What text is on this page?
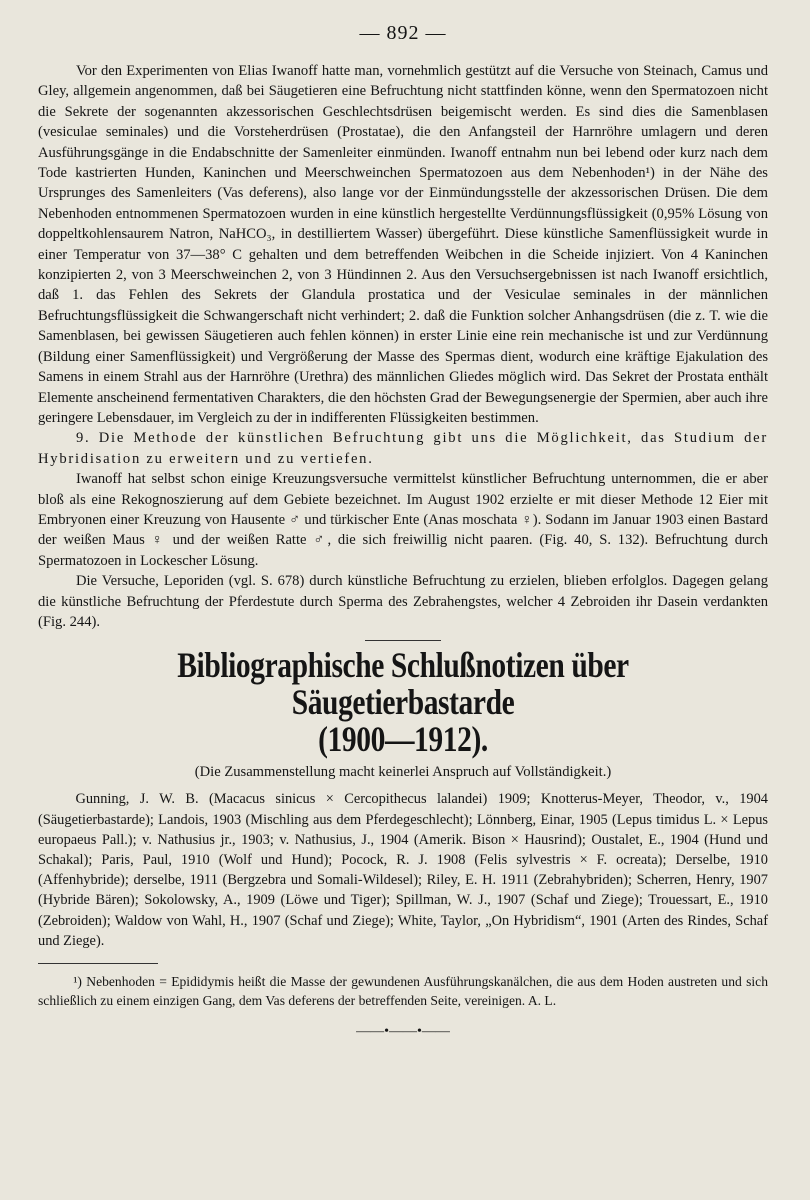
— 892 —

Vor den Experimenten von Elias Iwanoff hatte man, vornehmlich gestützt auf die Versuche von Steinach, Camus und Gley, allgemein angenommen, daß bei Säugetieren eine Befruchtung nicht stattfinden könne, wenn den Spermatozoen nicht die Sekrete der sogenannten akzessorischen Geschlechtsdrüsen beigemischt werden. Es sind dies die Samenblasen (vesiculae seminales) und die Vorsteherdrüsen (Prostatae), die den Anfangsteil der Harnröhre umlagern und deren Ausführungsgänge in die Endabschnitte der Samenleiter einmünden. Iwanoff entnahm nun bei lebend oder kurz nach dem Tode kastrierten Hunden, Kaninchen und Meerschweinchen Spermatozoen aus dem Nebenhoden¹) in der Nähe des Ursprunges des Samenleiters (Vas deferens), also lange vor der Einmündungsstelle der akzessorischen Drüsen. Die dem Nebenhoden entnommenen Spermatozoen wurden in eine künstlich hergestellte Verdünnungsflüssigkeit (0,95% Lösung von doppeltkohlensaurem Natron, NaHCO₃, in destilliertem Wasser) übergeführt. Diese künstliche Samenflüssigkeit wurde in einer Temperatur von 37—38° C gehalten und dem betreffenden Weibchen in die Scheide injiziert. Von 4 Kaninchen konzipierten 2, von 3 Meerschweinchen 2, von 3 Hündinnen 2. Aus den Versuchsergebnissen ist nach Iwanoff ersichtlich, daß 1. das Fehlen des Sekrets der Glandula prostatica und der Vesiculae seminales in der männlichen Befruchtungsflüssigkeit die Schwangerschaft nicht verhindert; 2. daß die Funktion solcher Anhangsdrüsen (die z. T. wie die Samenblasen, bei gewissen Säugetieren auch fehlen können) in erster Linie eine rein mechanische ist und zur Verdünnung (Bildung einer Samenflüssigkeit) und Vergrößerung der Masse des Spermas dient, wodurch eine kräftige Ejakulation des Samens in einem Strahl aus der Harnröhre (Urethra) des männlichen Gliedes möglich wird. Das Sekret der Prostata enthält Elemente anscheinend fermentativen Charakters, die den höchsten Grad der Bewegungsenergie der Spermien, aber auch ihre geringere Lebensdauer, im Vergleich zu der in indifferenten Flüssigkeiten bestimmen.

9. Die Methode der künstlichen Befruchtung gibt uns die Möglichkeit, das Studium der Hybridisation zu erweitern und zu vertiefen.

Iwanoff hat selbst schon einige Kreuzungsversuche vermittelst künstlicher Befruchtung unternommen, die er aber bloß als eine Rekognoszierung auf dem Gebiete bezeichnet. Im August 1902 erzielte er mit dieser Methode 12 Eier mit Embryonen einer Kreuzung von Hausente ♂ und türkischer Ente (Anas moschata ♀). Sodann im Januar 1903 einen Bastard der weißen Maus ♀ und der weißen Ratte ♂, die sich freiwillig nicht paaren. (Fig. 40, S. 132). Befruchtung durch Spermatozoen in Lockescher Lösung.

Die Versuche, Leporiden (vgl. S. 678) durch künstliche Befruchtung zu erzielen, blieben erfolglos. Dagegen gelang die künstliche Befruchtung der Pferdestute durch Sperma des Zebrahengstes, welcher 4 Zebroiden ihr Dasein verdankten (Fig. 244).

Bibliographische Schlußnotizen über Säugetierbastarde
(1900—1912).
(Die Zusammenstellung macht keinerlei Anspruch auf Vollständigkeit.)

Gunning, J. W. B. (Macacus sinicus × Cercopithecus lalandei) 1909; Knotterus-Meyer, Theodor, v., 1904 (Säugetierbastarde); Landois, 1903 (Mischling aus dem Pferdegeschlecht); Lönnberg, Einar, 1905 (Lepus timidus L. × Lepus europaeus Pall.); v. Nathusius jr., 1903; v. Nathusius, J., 1904 (Amerik. Bison × Hausrind); Oustalet, E., 1904 (Hund und Schakal); Paris, Paul, 1910 (Wolf und Hund); Pocock, R. J. 1908 (Felis sylvestris × F. ocreata); Derselbe, 1910 (Affenhybride); derselbe, 1911 (Bergzebra und Somali-Wildesel); Riley, E. H. 1911 (Zebrahybriden); Scherren, Henry, 1907 (Hybride Bären); Sokolowsky, A., 1909 (Löwe und Tiger); Spillman, W. J., 1907 (Schaf und Ziege); Trouessart, E., 1910 (Zebroiden); Waldow von Wahl, H., 1907 (Schaf und Ziege); White, Taylor, „On Hybridism“, 1901 (Arten des Rindes, Schaf und Ziege).

¹) Nebenhoden = Epididymis heißt die Masse der gewundenen Ausführungskanälchen, die aus dem Hoden austreten und sich schließlich zu einem einzigen Gang, dem Vas deferens der betreffenden Seite, vereinigen. A. L.

——•——•——
